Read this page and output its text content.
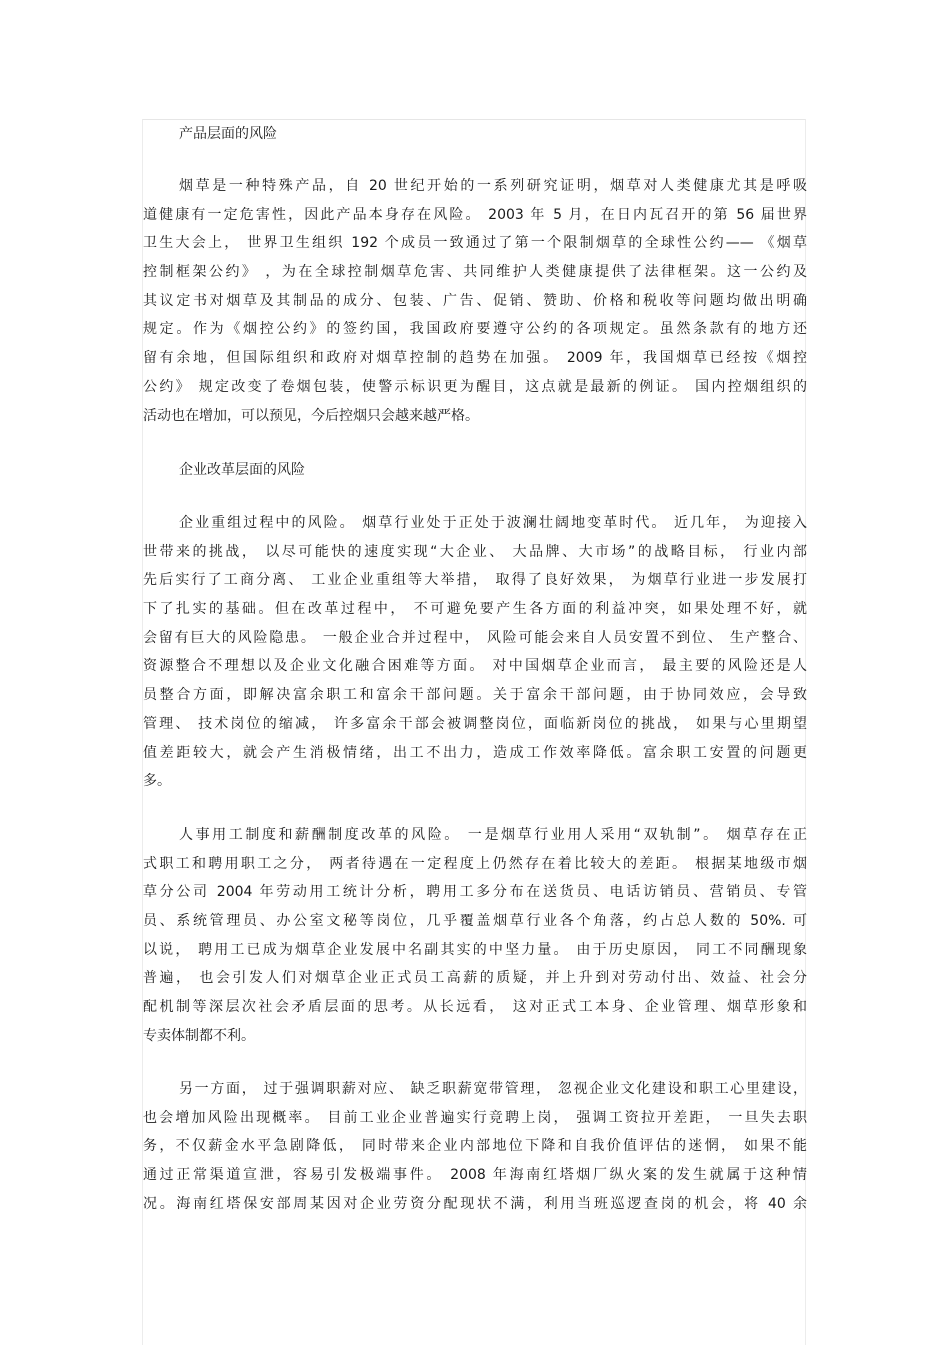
产品层面的风险
烟草是一种特殊产品，自 20 世纪开始的一系列研究证明，烟草对人类健康尤其是呼吸
道健康有一定危害性，因此产品本身存在风险。 2003 年 5 月，在日内瓦召开的第 56 届世界
卫生大会上， 世界卫生组织 192 个成员一致通过了第一个限制烟草的全球性公约—— 《烟草
控制框架公约》 ，为在全球控制烟草危害、共同维护人类健康提供了法律框架。这一公约及
其议定书对烟草及其制品的成分、包装、广告、促销、赞助、价格和税收等问题均做出明确
规定。作为《烟控公约》的签约国，我国政府要遵守公约的各项规定。虽然条款有的地方还
留有余地，但国际组织和政府对烟草控制的趋势在加强。 2009 年，我国烟草已经按《烟控
公约》 规定改变了卷烟包装，使警示标识更为醒目，这点就是最新的例证。 国内控烟组织的
活动也在增加，可以预见，今后控烟只会越来越严格。
企业改革层面的风险
企业重组过程中的风险。 烟草行业处于正处于波澜壮阔地变革时代。 近几年， 为迎接入
世带来的挑战， 以尽可能快的速度实现“大企业、 大品牌、大市场”的战略目标， 行业内部
先后实行了工商分离、 工业企业重组等大举措， 取得了良好效果， 为烟草行业进一步发展打
下了扎实的基础。但在改革过程中， 不可避免要产生各方面的利益冲突，如果处理不好，就
会留有巨大的风险隐患。 一般企业合并过程中， 风险可能会来自人员安置不到位、 生产整合、
资源整合不理想以及企业文化融合困难等方面。 对中国烟草企业而言， 最主要的风险还是人
员整合方面，即解决富余职工和富余干部问题。关于富余干部问题，由于协同效应，会导致
管理、 技术岗位的缩减， 许多富余干部会被调整岗位，面临新岗位的挑战， 如果与心里期望
值差距较大，就会产生消极情绪，出工不出力，造成工作效率降低。富余职工安置的问题更
多。
人事用工制度和薪酬制度改革的风险。 一是烟草行业用人采用“双轨制”。 烟草存在正
式职工和聘用职工之分， 两者待遇在一定程度上仍然存在着比较大的差距。 根据某地级市烟
草分公司 2004 年劳动用工统计分析，聘用工多分布在送货员、电话访销员、营销员、专管
员、系统管理员、办公室文秘等岗位，几乎覆盖烟草行业各个角落，约占总人数的 50%. 可
以说， 聘用工已成为烟草企业发展中名副其实的中坚力量。 由于历史原因， 同工不同酬现象
普遍， 也会引发人们对烟草企业正式员工高薪的质疑，并上升到对劳动付出、效益、社会分
配机制等深层次社会矛盾层面的思考。从长远看， 这对正式工本身、企业管理、烟草形象和
专卖体制都不利。
另一方面， 过于强调职薪对应、 缺乏职薪宽带管理， 忽视企业文化建设和职工心里建设，
也会增加风险出现概率。 目前工业企业普遍实行竞聘上岗， 强调工资拉开差距， 一旦失去职
务，不仅薪金水平急剧降低， 同时带来企业内部地位下降和自我价值评估的迷惘， 如果不能
通过正常渠道宣泄，容易引发极端事件。 2008 年海南红塔烟厂纵火案的发生就属于这种情
况。海南红塔保安部周某因对企业劳资分配现状不满，利用当班巡逻查岗的机会，将 40 余
